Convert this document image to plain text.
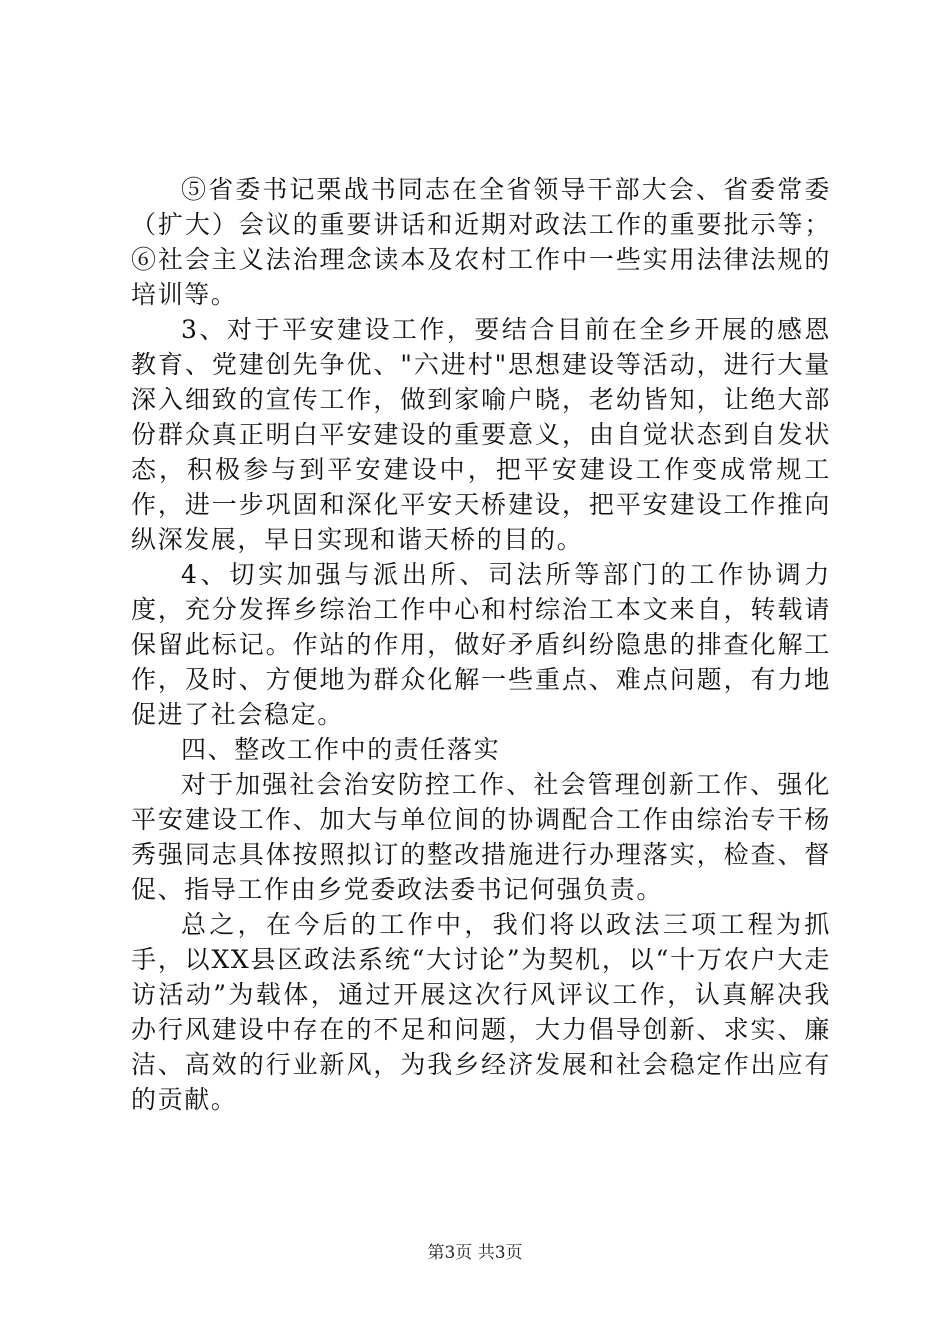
⑤省委书记栗战书同志在全省领导干部大会、省委常委（扩大）会议的重要讲话和近期对政法工作的重要批示等；⑥社会主义法治理念读本及农村工作中一些实用法律法规的培训等。

3、对于平安建设工作，要结合目前在全乡开展的感恩教育、党建创先争优、"六进村"思想建设等活动，进行大量深入细致的宣传工作，做到家喻户晓，老幼皆知，让绝大部份群众真正明白平安建设的重要意义，由自觉状态到自发状态，积极参与到平安建设中，把平安建设工作变成常规工作，进一步巩固和深化平安天桥建设，把平安建设工作推向纵深发展，早日实现和谐天桥的目的。

4、切实加强与派出所、司法所等部门的工作协调力度，充分发挥乡综治工作中心和村综治工本文来自，转载请保留此标记。作站的作用，做好矛盾纠纷隐患的排查化解工作，及时、方便地为群众化解一些重点、难点问题，有力地促进了社会稳定。

四、整改工作中的责任落实

对于加强社会治安防控工作、社会管理创新工作、强化平安建设工作、加大与单位间的协调配合工作由综治专干杨秀强同志具体按照拟订的整改措施进行办理落实，检查、督促、指导工作由乡党委政法委书记何强负责。

总之，在今后的工作中，我们将以政法三项工程为抓手，以XX县区政法系统“大讨论”为契机，以“十万农户大走访活动”为载体，通过开展这次行风评议工作，认真解决我办行风建设中存在的不足和问题，大力倡导创新、求实、廉洁、高效的行业新风，为我乡经济发展和社会稳定作出应有的贡献。

第3页 共3页
